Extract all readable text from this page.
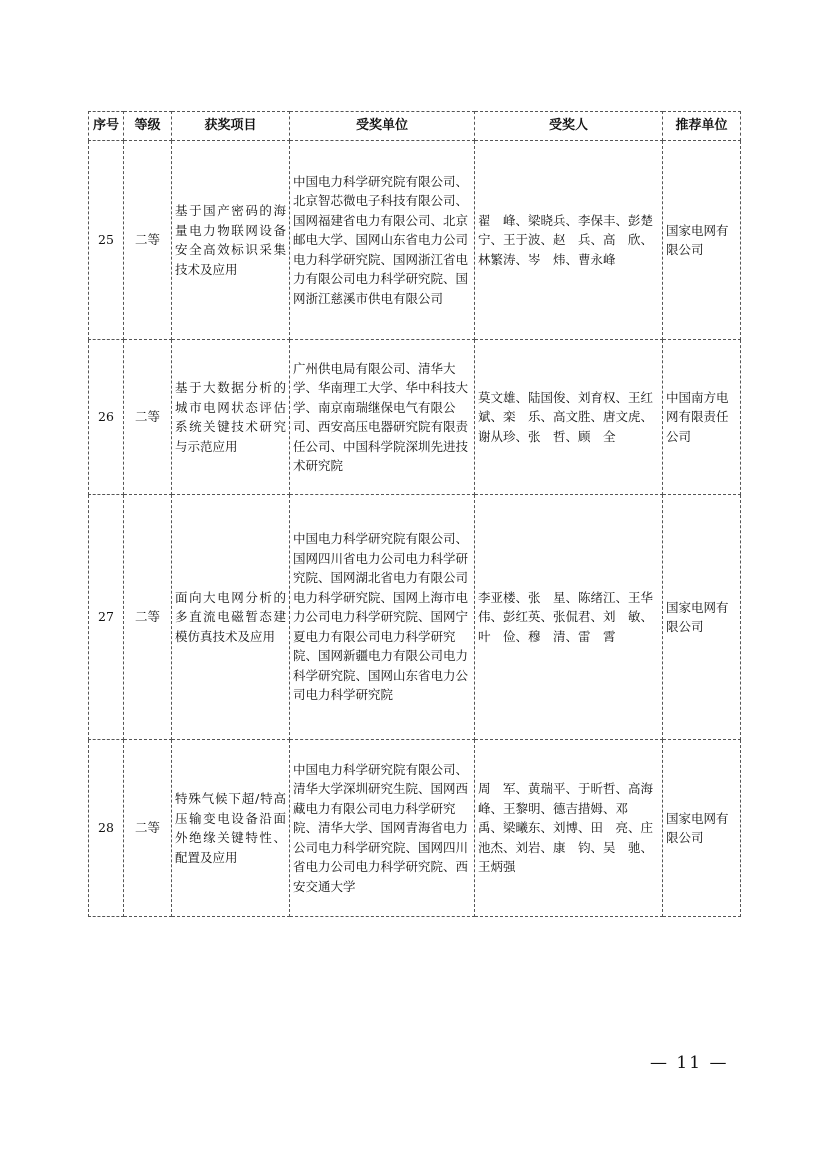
序号	等级	获奖项目	受奖单位	受奖人	推荐单位
25	二等	基于国产密码的海量电力物联网设备安全高效标识采集技术及应用	中国电力科学研究院有限公司、北京智芯微电子科技有限公司、国网福建省电力有限公司、北京邮电大学、国网山东省电力公司电力科学研究院、国网浙江省电力有限公司电力科学研究院、国网浙江慈溪市供电有限公司	翟　峰、梁晓兵、李保丰、彭楚宁、王于波、赵　兵、高　欣、林繁涛、岑　炜、曹永峰	国家电网有限公司
26	二等	基于大数据分析的城市电网状态评估系统关键技术研究与示范应用	广州供电局有限公司、清华大学、华南理工大学、华中科技大学、南京南瑞继保电气有限公司、西安高压电器研究院有限责任公司、中国科学院深圳先进技术研究院	莫文雄、陆国俊、刘育权、王红斌、栾　乐、高文胜、唐文虎、谢从珍、张　哲、顾　全	中国南方电网有限责任公司
27	二等	面向大电网分析的多直流电磁暂态建模仿真技术及应用	中国电力科学研究院有限公司、国网四川省电力公司电力科学研究院、国网湖北省电力有限公司电力科学研究院、国网上海市电力公司电力科学研究院、国网宁夏电力有限公司电力科学研究院、国网新疆电力有限公司电力科学研究院、国网山东省电力公司电力科学研究院	李亚楼、张　星、陈绪江、王华伟、彭红英、张侃君、刘　敏、叶　俭、穆　清、雷　霄	国家电网有限公司
28	二等	特殊气候下超/特高压输变电设备沿面外绝缘关键特性、配置及应用	中国电力科学研究院有限公司、清华大学深圳研究生院、国网西藏电力有限公司电力科学研究院、清华大学、国网青海省电力公司电力科学研究院、国网四川省电力公司电力科学研究院、西安交通大学	周　军、黄瑞平、于昕哲、高海峰、王黎明、德吉措姆、邓　禹、梁曦东、刘博、田　亮、庄池杰、刘岩、康　钧、吴　驰、王炳强	国家电网有限公司
— 11 —
